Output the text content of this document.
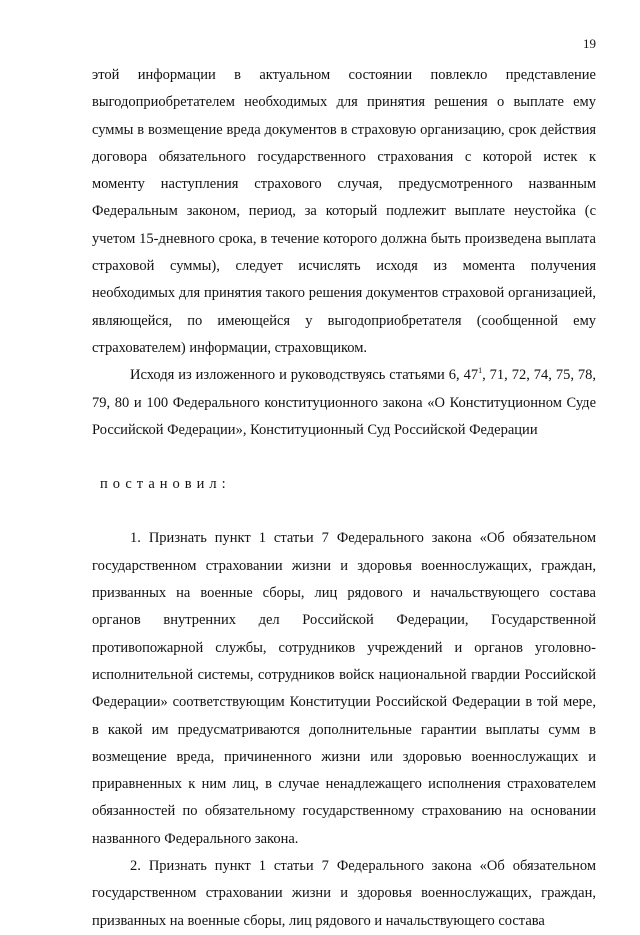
19

этой информации в актуальном состоянии повлекло представление выгодоприобретателем необходимых для принятия решения о выплате ему суммы в возмещение вреда документов в страховую организацию, срок действия договора обязательного государственного страхования с которой истек к моменту наступления страхового случая, предусмотренного названным Федеральным законом, период, за который подлежит выплате неустойка (с учетом 15-дневного срока, в течение которого должна быть произведена выплата страховой суммы), следует исчислять исходя из момента получения необходимых для принятия такого решения документов страховой организацией, являющейся, по имеющейся у выгодоприобретателя (сообщенной ему страхователем) информации, страховщиком.

Исходя из изложенного и руководствуясь статьями 6, $47^1$, 71, 72, 74, 75, 78, 79, 80 и 100 Федерального конституционного закона «О Конституционном Суде Российской Федерации», Конституционный Суд Российской Федерации

постановил:

1. Признать пункт 1 статьи 7 Федерального закона «Об обязательном государственном страховании жизни и здоровья военнослужащих, граждан, призванных на военные сборы, лиц рядового и начальствующего состава органов внутренних дел Российской Федерации, Государственной противопожарной службы, сотрудников учреждений и органов уголовно-исполнительной системы, сотрудников войск национальной гвардии Российской Федерации» соответствующим Конституции Российской Федерации в той мере, в какой им предусматриваются дополнительные гарантии выплаты сумм в возмещение вреда, причиненного жизни или здоровью военнослужащих и приравненных к ним лиц, в случае ненадлежащего исполнения страхователем обязанностей по обязательному государственному страхованию на основании названного Федерального закона.

2. Признать пункт 1 статьи 7 Федерального закона «Об обязательном государственном страховании жизни и здоровья военнослужащих, граждан, призванных на военные сборы, лиц рядового и начальствующего состава
